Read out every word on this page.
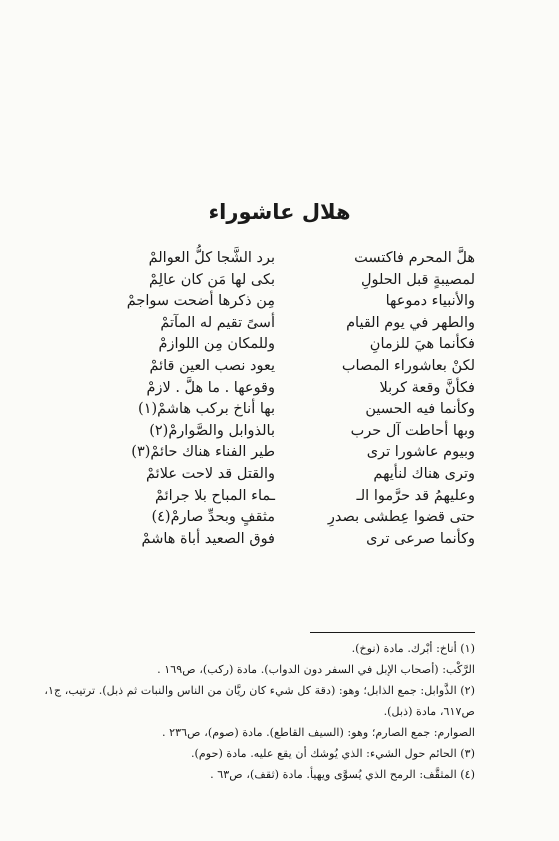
هلال عاشوراء
هلَّ المحرم فاكتست
برد الشَّجا كلُّ العوالمْ
لمصيبةٍ قبل الحلولِ
بكى لها مَن كان عالِمْ
والأنبياء دموعها
مِن ذكرها أضحت سواجمْ
والطهر في يوم القيام
أسىً تقيم له المآتمْ
فكأنما هيَ للزمانِ
وللمكان مِن اللوازمْ
لكنْ بعاشوراء المصاب
يعود نصب العين قائمْ
فكأنَّ وقعة كربلا
وقوعها . ما هلَّ . لازمْ
وكأنما فيه الحسين
بها أناخ بركب هاشمْ(١)
وبها أحاطت آل حرب
بالذوابل والصَّوارمْ(٢)
وبيوم عاشورا ترى
طير الفناء هناك حائمْ(٣)
وترى هناك لنأيهم
والقتل قد لاحت علائمْ
وعليهمُ قد حرَّموا الـ
ـماء المباح بلا جرائمْ
حتى قضوا عِطشى بصدرِ
مثقفٍ وبحدِّ صارمْ(٤)
وكأنما صرعى ترى
فوق الصعيد أباة هاشمْ
(١) أناخ: أبْرك. مادة (نوخ).
الرَّكْب: (أصحاب الإبل في السفر دون الدواب). مادة (ركب)، ص١٦٩ .
(٢) الذَّوابل: جمع الذابل؛ وهو: (دقة كل شيء كان ريَّان من الناس والنبات ثم ذبل). ترتيب، ج١،
ص٦١٧، مادة (ذبل).
الصوارم: جمع الصارم؛ وهو: (السيف القاطع). مادة (صوم)، ص٢٣٦ .
(٣) الحائم حول الشيء: الذي يُوشك أن يقع عليه. مادة (حوم).
(٤) المثقَّف: الرمح الذي يُسوَّى ويهيأ. مادة (ثقف)، ص٦٣ .
